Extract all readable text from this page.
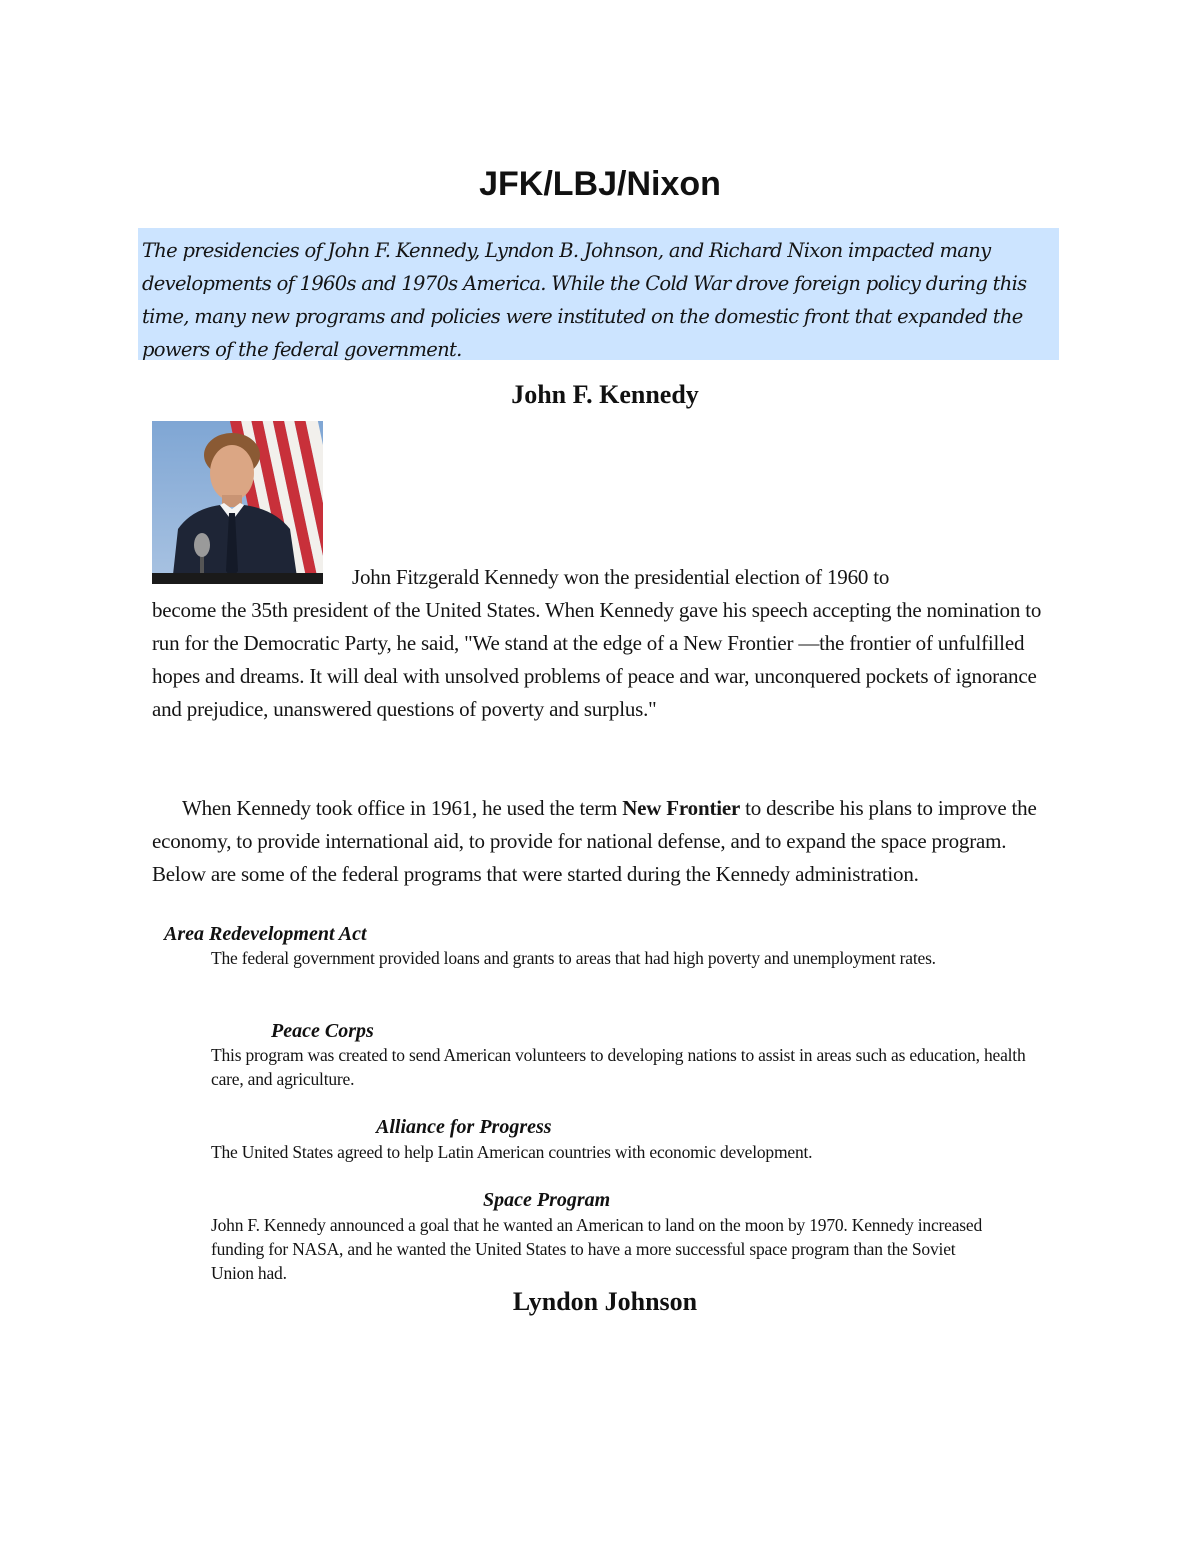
JFK/LBJ/Nixon
The presidencies of John F. Kennedy, Lyndon B. Johnson, and Richard Nixon impacted many developments of 1960s and 1970s America. While the Cold War drove foreign policy during this time, many new programs and policies were instituted on the domestic front that expanded the powers of the federal government.
John F. Kennedy
John Fitzgerald Kennedy won the presidential election of 1960 to

become the 35th president of the United States. When Kennedy gave his speech accepting the nomination to run for the Democratic Party, he said, "We stand at the edge of a New Frontier —the frontier of unfulfilled hopes and dreams. It will deal with unsolved problems of peace and war, unconquered pockets of ignorance and prejudice, unanswered questions of poverty and surplus."

When Kennedy took office in 1961, he used the term New Frontier to describe his plans to improve the economy, to provide international aid, to provide for national defense, and to expand the space program. Below are some of the federal programs that were started during the Kennedy administration.

Area Redevelopment Act
The federal government provided loans and grants to areas that had high poverty and unemployment rates.
Peace Corps
This program was created to send American volunteers to developing nations to assist in areas such as education, health care, and agriculture.
Alliance for Progress
The United States agreed to help Latin American countries with economic development.
Space Program
John F. Kennedy announced a goal that he wanted an American to land on the moon by 1970. Kennedy increased funding for NASA, and he wanted the United States to have a more successful space program than the Soviet Union had.
Lyndon Johnson
